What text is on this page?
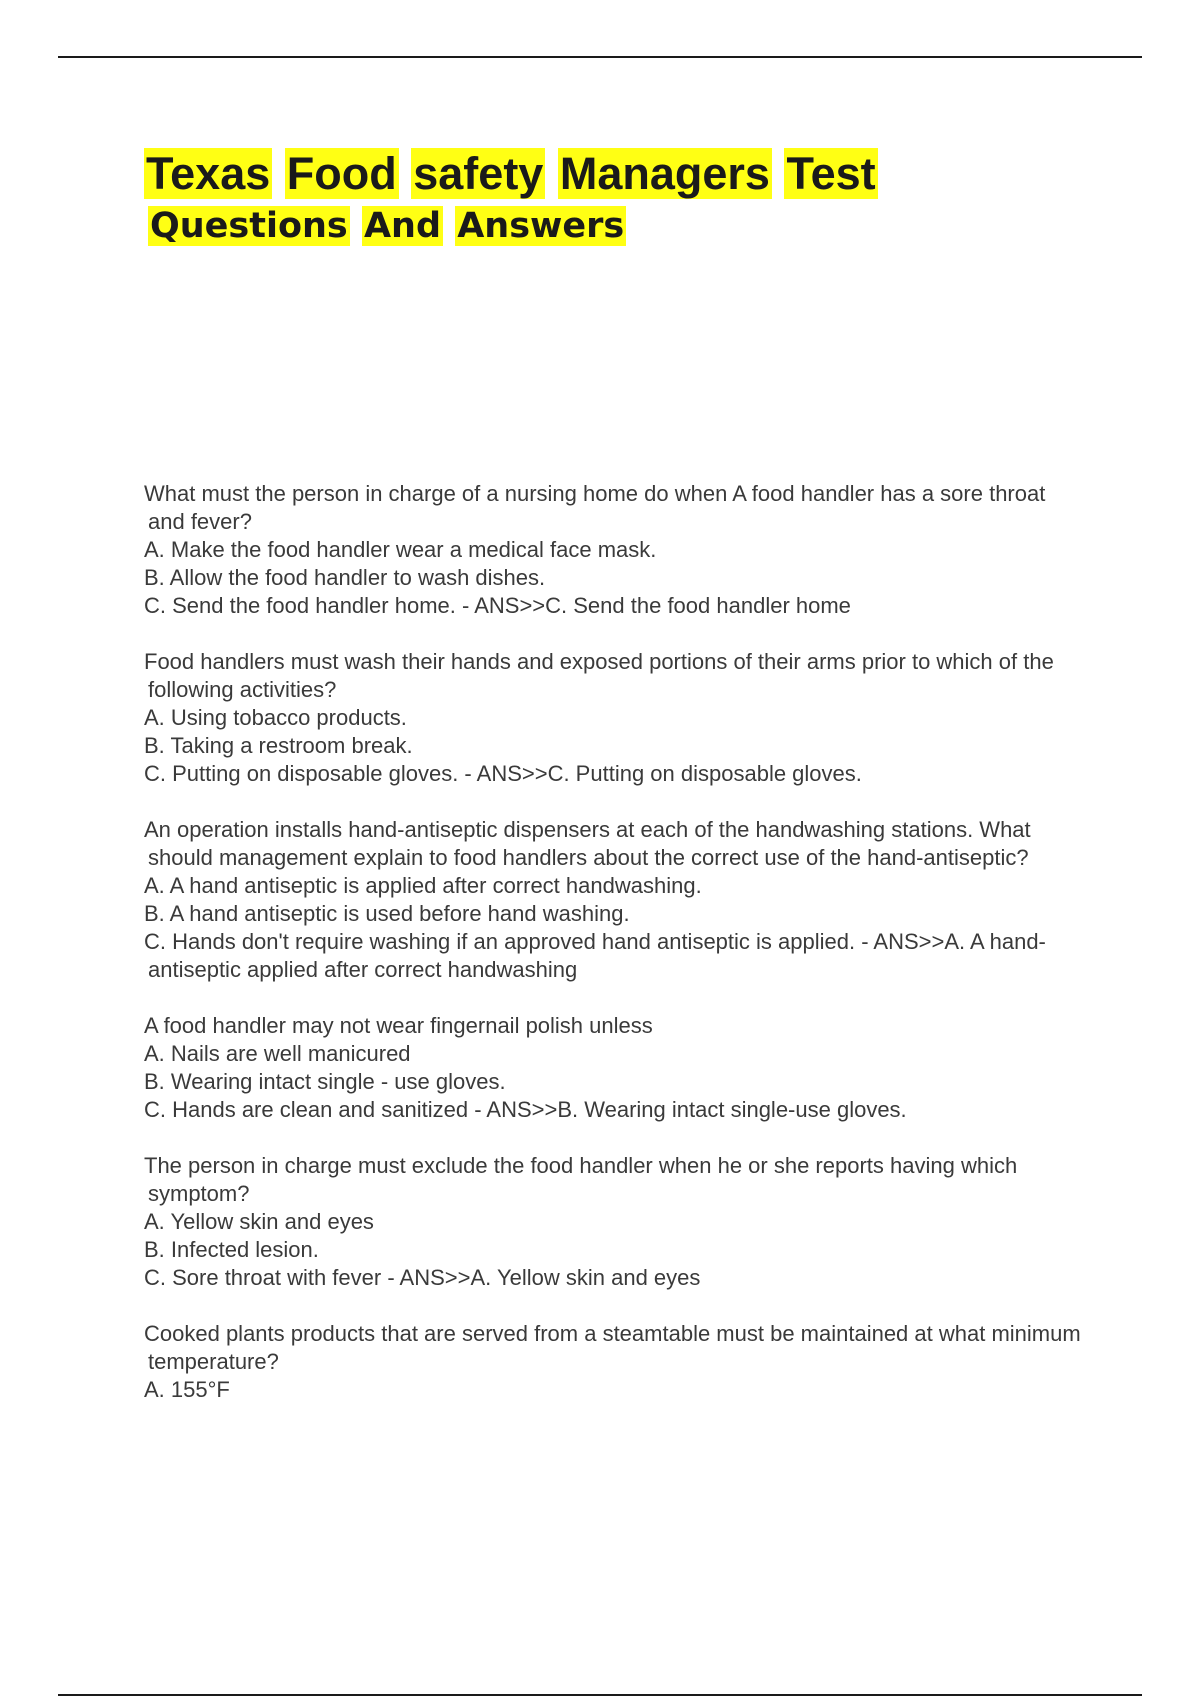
Texas Food safety Managers Test
Questions And Answers

What must the person in charge of a nursing home do when A food handler has a sore throat and fever?

A. Make the food handler wear a medical face mask.

B. Allow the food handler to wash dishes.

C. Send the food handler home. - ANS>>C. Send the food handler home

Food handlers must wash their hands and exposed portions of their arms prior to which of the following activities?

A. Using tobacco products.

B. Taking a restroom break.

C. Putting on disposable gloves. - ANS>>C. Putting on disposable gloves.

An operation installs hand-antiseptic dispensers at each of the handwashing stations. What should management explain to food handlers about the correct use of the hand-antiseptic?

A. A hand antiseptic is applied after correct handwashing.

B. A hand antiseptic is used before hand washing.

C. Hands don't require washing if an approved hand antiseptic is applied. - ANS>>A. A hand-antiseptic applied after correct handwashing

A food handler may not wear fingernail polish unless

A. Nails are well manicured

B. Wearing intact single - use gloves.

C. Hands are clean and sanitized - ANS>>B. Wearing intact single-use gloves.

The person in charge must exclude the food handler when he or she reports having which symptom?

A. Yellow skin and eyes

B. Infected lesion.

C. Sore throat with fever - ANS>>A. Yellow skin and eyes

Cooked plants products that are served from a steamtable must be maintained at what minimum temperature?

A. 155°F
